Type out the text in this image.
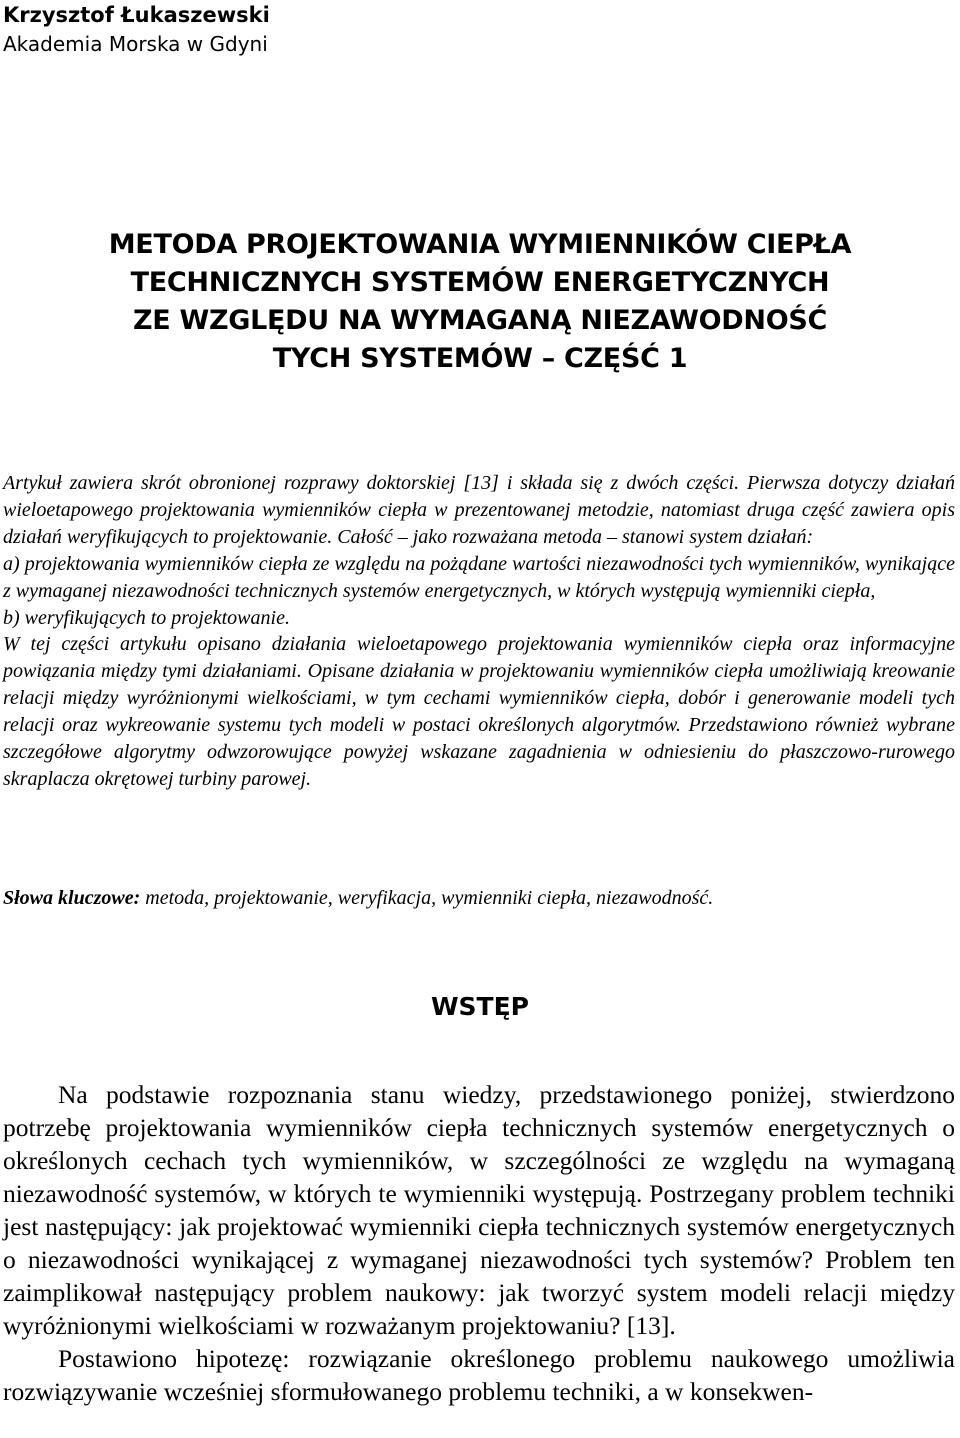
Krzysztof Łukaszewski

Akademia Morska w Gdyni

METODA PROJEKTOWANIA WYMIENNIKÓW CIEPŁA
TECHNICZNYCH SYSTEMÓW ENERGETYCZNYCH
ZE WZGLĘDU NA WYMAGANĄ NIEZAWODNOŚĆ
TYCH SYSTEMÓW – CZĘŚĆ 1

Artykuł zawiera skrót obronionej rozprawy doktorskiej [13] i składa się z dwóch części. Pierwsza dotyczy działań wieloetapowego projektowania wymienników ciepła w prezentowanej metodzie, natomiast druga część zawiera opis działań weryfikujących to projektowanie. Całość – jako rozważana metoda – stanowi system działań:

a) projektowania wymienników ciepła ze względu na pożądane wartości niezawodności tych wymienników, wynikające z wymaganej niezawodności technicznych systemów energetycznych, w których występują wymienniki ciepła,

b) weryfikujących to projektowanie.

W tej części artykułu opisano działania wieloetapowego projektowania wymienników ciepła oraz informacyjne powiązania między tymi działaniami. Opisane działania w projektowaniu wymienników ciepła umożliwiają kreowanie relacji między wyróżnionymi wielkościami, w tym cechami wymienników ciepła, dobór i generowanie modeli tych relacji oraz wykreowanie systemu tych modeli w postaci określonych algorytmów. Przedstawiono również wybrane szczegółowe algorytmy odwzorowujące powyżej wskazane zagadnienia w odniesieniu do płaszczowo-rurowego skraplacza okrętowej turbiny parowej.

Słowa kluczowe: metoda, projektowanie, weryfikacja, wymienniki ciepła, niezawodność.

WSTĘP

Na podstawie rozpoznania stanu wiedzy, przedstawionego poniżej, stwierdzono potrzebę projektowania wymienników ciepła technicznych systemów energetycznych o określonych cechach tych wymienników, w szczególności ze względu na wymaganą niezawodność systemów, w których te wymienniki występują. Postrzegany problem techniki jest następujący: jak projektować wymienniki ciepła technicznych systemów energetycznych o niezawodności wynikającej z wymaganej niezawodności tych systemów? Problem ten zaimplikował następujący problem naukowy: jak tworzyć system modeli relacji między wyróżnionymi wielkościami w rozważanym projektowaniu? [13].

Postawiono hipotezę: rozwiązanie określonego problemu naukowego umożliwia rozwiązywanie wcześniej sformułowanego problemu techniki, a w konsekwen-
